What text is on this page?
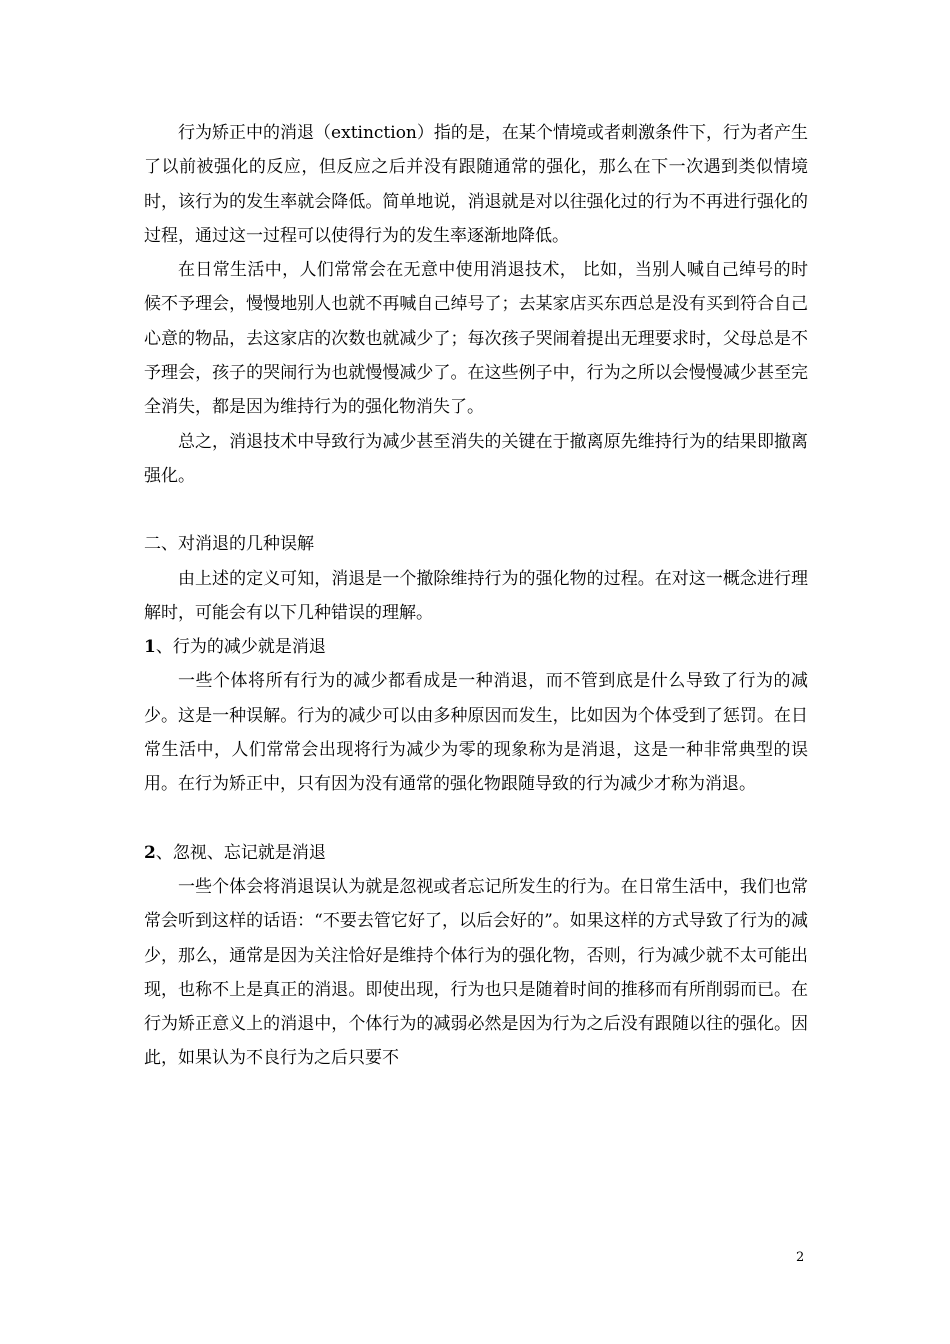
行为矫正中的消退（extinction）指的是，在某个情境或者刺激条件下，行为者产生了以前被强化的反应，但反应之后并没有跟随通常的强化，那么在下一次遇到类似情境时，该行为的发生率就会降低。简单地说，消退就是对以往强化过的行为不再进行强化的过程，通过这一过程可以使得行为的发生率逐渐地降低。

在日常生活中，人们常常会在无意中使用消退技术， 比如，当别人喊自己绰号的时候不予理会，慢慢地别人也就不再喊自己绰号了；去某家店买东西总是没有买到符合自己心意的物品，去这家店的次数也就减少了；每次孩子哭闹着提出无理要求时，父母总是不予理会，孩子的哭闹行为也就慢慢减少了。在这些例子中，行为之所以会慢慢减少甚至完全消失，都是因为维持行为的强化物消失了。

总之，消退技术中导致行为减少甚至消失的关键在于撤离原先维持行为的结果即撤离强化。

二、对消退的几种误解

由上述的定义可知，消退是一个撤除维持行为的强化物的过程。在对这一概念进行理解时，可能会有以下几种错误的理解。

1、行为的减少就是消退

一些个体将所有行为的减少都看成是一种消退，而不管到底是什么导致了行为的减少。这是一种误解。行为的减少可以由多种原因而发生，比如因为个体受到了惩罚。在日常生活中，人们常常会出现将行为减少为零的现象称为是消退，这是一种非常典型的误用。在行为矫正中，只有因为没有通常的强化物跟随导致的行为减少才称为消退。

2、忽视、忘记就是消退

一些个体会将消退误认为就是忽视或者忘记所发生的行为。在日常生活中，我们也常常会听到这样的话语：“不要去管它好了，以后会好的”。如果这样的方式导致了行为的减少，那么，通常是因为关注恰好是维持个体行为的强化物，否则，行为减少就不太可能出现，也称不上是真正的消退。即使出现，行为也只是随着时间的推移而有所削弱而已。在行为矫正意义上的消退中，个体行为的减弱必然是因为行为之后没有跟随以往的强化。因此，如果认为不良行为之后只要不

2
